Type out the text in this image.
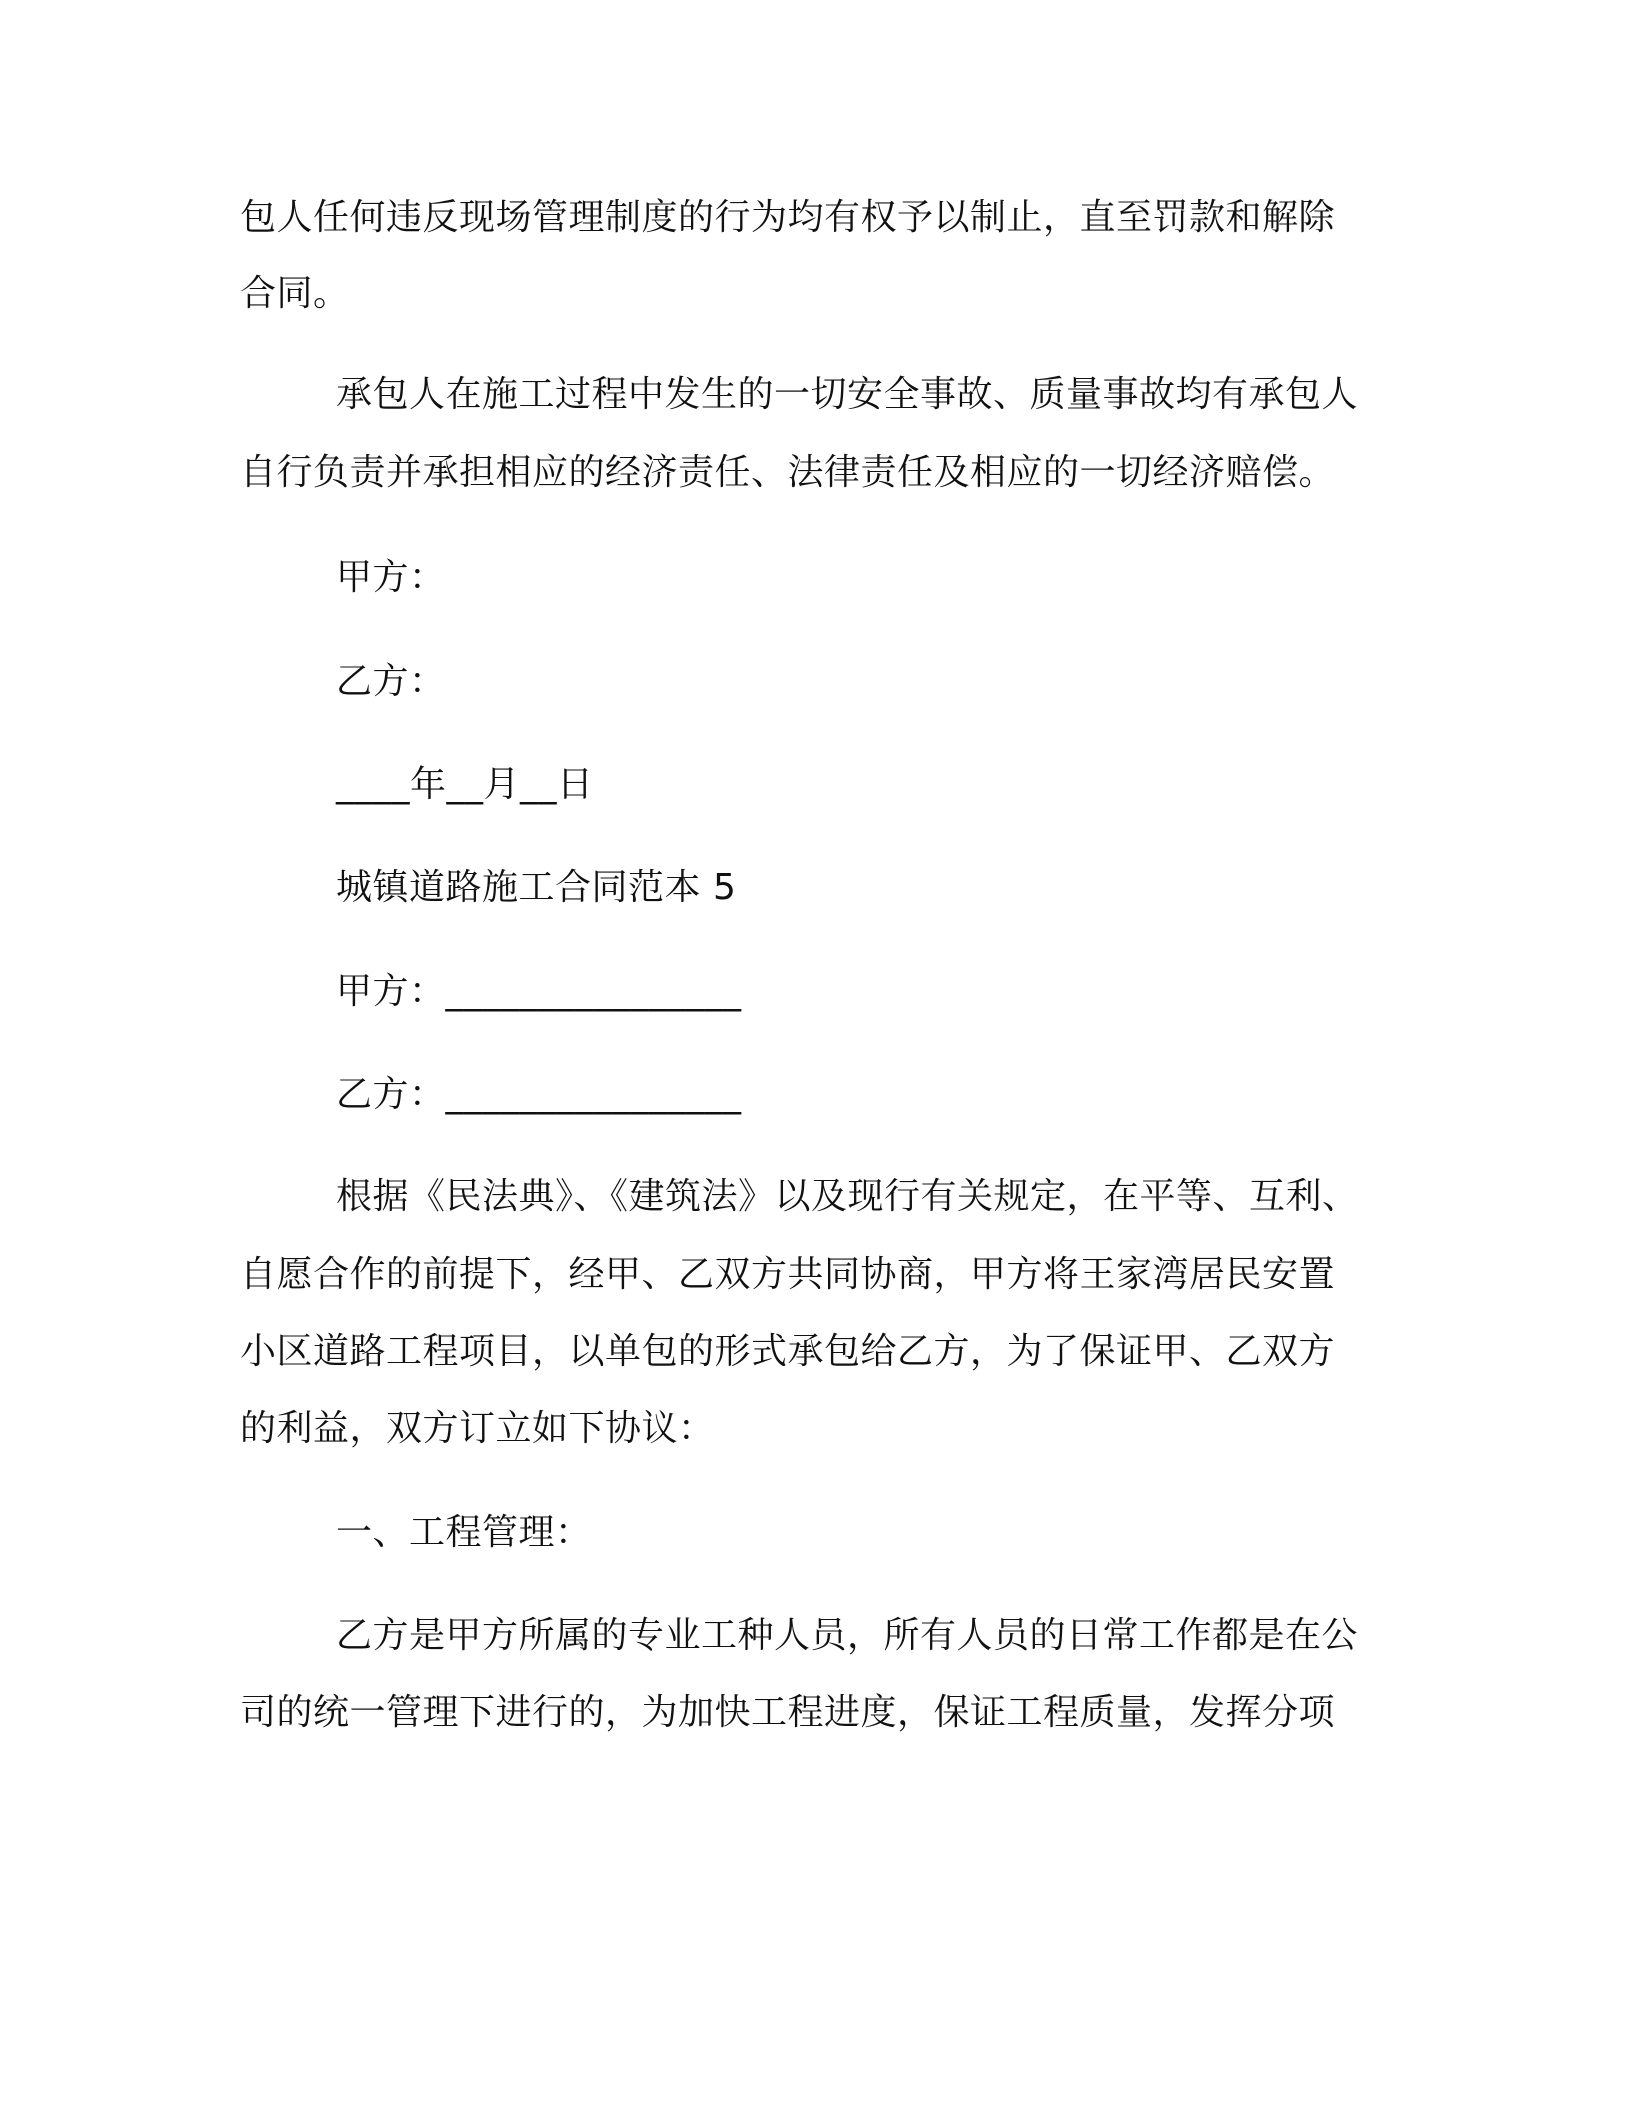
包人任何违反现场管理制度的行为均有权予以制止，直至罚款和解除
合同。
承包人在施工过程中发生的一切安全事故、质量事故均有承包人
自行负责并承担相应的经济责任、法律责任及相应的一切经济赔偿。
甲方：
乙方：
____年__月__日
城镇道路施工合同范本 5
甲方：________________
乙方：________________
根据《民法典》、《建筑法》以及现行有关规定，在平等、互利、
自愿合作的前提下，经甲、乙双方共同协商，甲方将王家湾居民安置
小区道路工程项目，以单包的形式承包给乙方，为了保证甲、乙双方
的利益，双方订立如下协议：
一、工程管理：
乙方是甲方所属的专业工种人员，所有人员的日常工作都是在公
司的统一管理下进行的，为加快工程进度，保证工程质量，发挥分项
